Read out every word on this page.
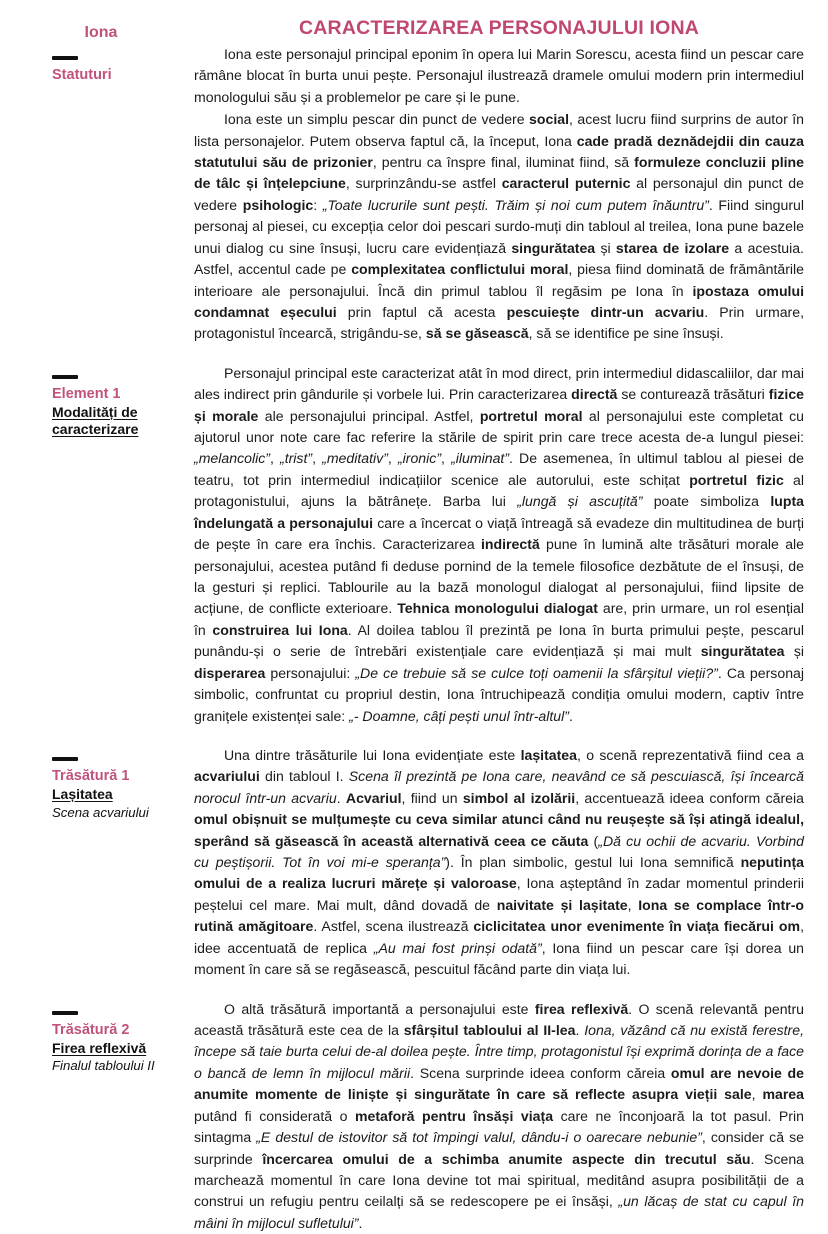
Iona	CARACTERIZAREA PERSONAJULUI IONA
Statuturi

Iona este personajul principal eponim în opera lui Marin Sorescu, acesta fiind un pescar care rămâne blocat în burta unui pește. Personajul ilustrează dramele omului modern prin intermediul monologului său și a problemelor pe care și le pune.

Iona este un simplu pescar din punct de vedere social, acest lucru fiind surprins de autor în lista personajelor. Putem observa faptul că, la început, Iona cade pradă deznădejdii din cauza statutului său de prizonier, pentru ca înspre final, iluminat fiind, să formuleze concluzii pline de tâlc și înțelepciune, surprinzându-se astfel caracterul puternic al personajul din punct de vedere psihologic: „Toate lucrurile sunt pești. Trăim și noi cum putem înăuntru”. Fiind singurul personaj al piesei, cu excepția celor doi pescari surdo-muți din tabloul al treilea, Iona pune bazele unui dialog cu sine însuși, lucru care evidențiază singurătatea și starea de izolare a acestuia. Astfel, accentul cade pe complexitatea conflictului moral, piesa fiind dominată de frământările interioare ale personajului. Încă din primul tablou îl regăsim pe Iona în ipostaza omului condamnat eșecului prin faptul că acesta pescuiește dintr-un acvariu. Prin urmare, protagonistul încearcă, strigându-se, să se găsească, să se identifice pe sine însuși.

Element 1
Modalități de caracterizare

Personajul principal este caracterizat atât în mod direct, prin intermediul didascaliilor, dar mai ales indirect prin gândurile și vorbele lui. Prin caracterizarea directă se conturează trăsături fizice și morale ale personajului principal. Astfel, portretul moral al personajului este completat cu ajutorul unor note care fac referire la stările de spirit prin care trece acesta de-a lungul piesei: „melancolic”, „trist”, „meditativ”, „ironic”, „iluminat”. De asemenea, în ultimul tablou al piesei de teatru, tot prin intermediul indicațiilor scenice ale autorului, este schițat portretul fizic al protagonistului, ajuns la bătrânețe. Barba lui „lungă și ascuțită” poate simboliza lupta îndelungată a personajului care a încercat o viață întreagă să evadeze din multitudinea de burți de pește în care era închis. Caracterizarea indirectă pune în lumină alte trăsături morale ale personajului, acestea putând fi deduse pornind de la temele filosofice dezbătute de el însuși, de la gesturi și replici. Tablourile au la bază monologul dialogat al personajului, fiind lipsite de acțiune, de conflicte exterioare. Tehnica monologului dialogat are, prin urmare, un rol esențial în construirea lui Iona. Al doilea tablou îl prezintă pe Iona în burta primului pește, pescarul punându-și o serie de întrebări existențiale care evidențiază și mai mult singurătatea și disperarea personajului: „De ce trebuie să se culce toți oamenii la sfârșitul vieții?”. Ca personaj simbolic, confruntat cu propriul destin, Iona întruchipează condiția omului modern, captiv între granițele existenței sale: „- Doamne, câți pești unul într-altul”.

Trăsătură 1
Lașitatea
Scena acvariului

Una dintre trăsăturile lui Iona evidențiate este lașitatea, o scenă reprezentativă fiind cea a acvariului din tabloul I. Scena îl prezintă pe Iona care, neavând ce să pescuiască, își încearcă norocul într-un acvariu. Acvariul, fiind un simbol al izolării, accentuează ideea conform căreia omul obișnuit se mulțumește cu ceva similar atunci când nu reușește să își atingă idealul, sperând să găsească în această alternativă ceea ce căuta („Dă cu ochii de acvariu. Vorbind cu peștișorii. Tot în voi mi-e speranța”). În plan simbolic, gestul lui Iona semnifică neputința omului de a realiza lucruri mărețe și valoroase, Iona așteptând în zadar momentul prinderii peștelui cel mare. Mai mult, dând dovadă de naivitate și lașitate, Iona se complace într-o rutină amăgitoare. Astfel, scena ilustrează ciclicitatea unor evenimente în viața fiecărui om, idee accentuată de replica „Au mai fost prinși odată”, Iona fiind un pescar care își dorea un moment în care să se regăsească, pescuitul făcând parte din viața lui.

Trăsătură 2
Firea reflexivă
Finalul tabloului II

O altă trăsătură importantă a personajului este firea reflexivă. O scenă relevantă pentru această trăsătură este cea de la sfârșitul tabloului al II-lea. Iona, văzând că nu există ferestre, începe să taie burta celui de-al doilea pește. Între timp, protagonistul își exprimă dorința de a face o bancă de lemn în mijlocul mării. Scena surprinde ideea conform căreia omul are nevoie de anumite momente de liniște și singurătate în care să reflecte asupra vieții sale, marea putând fi considerată o metaforă pentru însăși viața care ne înconjoară la tot pasul. Prin sintagma „E destul de istovitor să tot împingi valul, dându-i o oarecare nebunie”, consider că se surprinde încercarea omului de a schimba anumite aspecte din trecutul său. Scena marchează momentul în care Iona devine tot mai spiritual, meditând asupra posibilității de a construi un refugiu pentru ceilalți să se redescopere pe ei însăși, „un lăcaș de stat cu capul în mâini în mijlocul sufletului”.
